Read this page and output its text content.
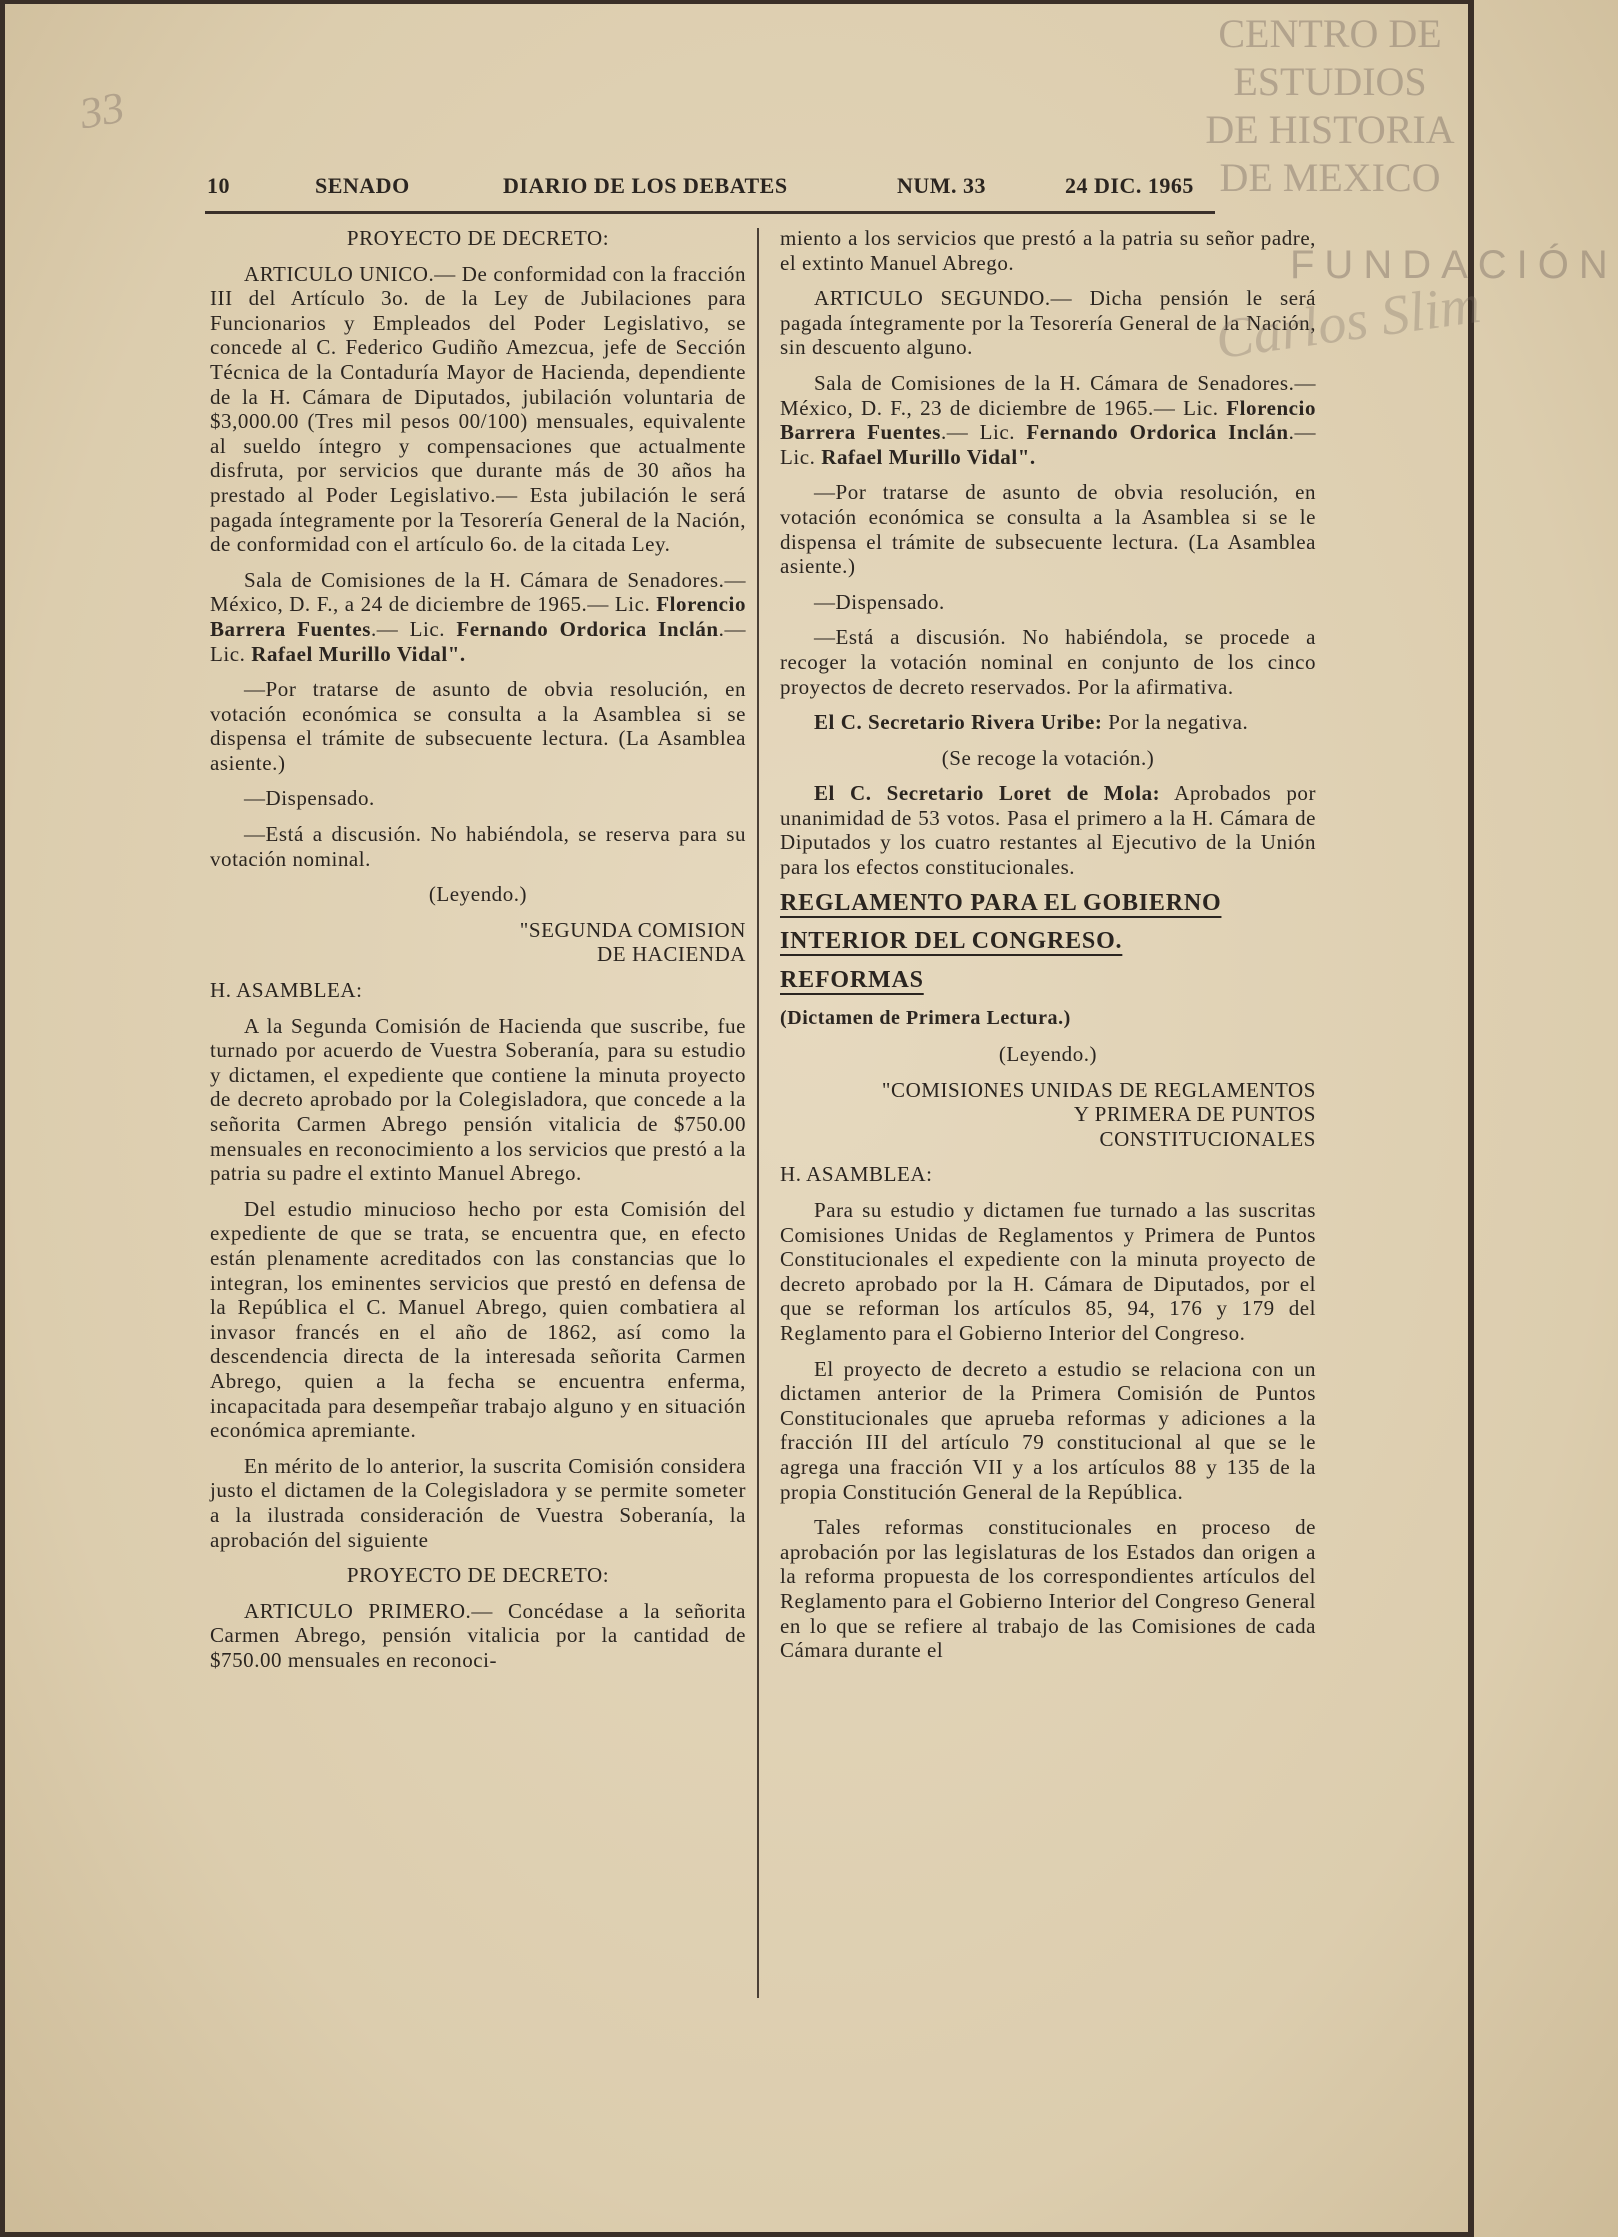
33
10	SENADO	DIARIO DE LOS DEBATES	NUM. 33	24 DIC. 1965
PROYECTO DE DECRETO:
ARTICULO UNICO.— De conformidad con la fracción III del Artículo 3o. de la Ley de Jubilaciones para Funcionarios y Empleados del Poder Legislativo, se concede al C. Federico Gudiño Amezcua, jefe de Sección Técnica de la Contaduría Mayor de Hacienda, dependiente de la H. Cámara de Diputados, jubilación voluntaria de $3,000.00 (Tres mil pesos 00/100) mensuales, equivalente al sueldo íntegro y compensaciones que actualmente disfruta, por servicios que durante más de 30 años ha prestado al Poder Legislativo.— Esta jubilación le será pagada íntegramente por la Tesorería General de la Nación, de conformidad con el artículo 6o. de la citada Ley.
Sala de Comisiones de la H. Cámara de Senadores.— México, D. F., a 24 de diciembre de 1965.— Lic. Florencio Barrera Fuentes.— Lic. Fernando Ordorica Inclán.— Lic. Rafael Murillo Vidal".
—Por tratarse de asunto de obvia resolución, en votación económica se consulta a la Asamblea si se dispensa el trámite de subsecuente lectura. (La Asamblea asiente.)
—Dispensado.
—Está a discusión. No habiéndola, se reserva para su votación nominal.
(Leyendo.)
"SEGUNDA COMISION
DE HACIENDA
H. ASAMBLEA:
A la Segunda Comisión de Hacienda que suscribe, fue turnado por acuerdo de Vuestra Soberanía, para su estudio y dictamen, el expediente que contiene la minuta proyecto de decreto aprobado por la Colegisladora, que concede a la señorita Carmen Abrego pensión vitalicia de $750.00 mensuales en reconocimiento a los servicios que prestó a la patria su padre el extinto Manuel Abrego.
Del estudio minucioso hecho por esta Comisión del expediente de que se trata, se encuentra que, en efecto están plenamente acreditados con las constancias que lo integran, los eminentes servicios que prestó en defensa de la República el C. Manuel Abrego, quien combatiera al invasor francés en el año de 1862, así como la descendencia directa de la interesada señorita Carmen Abrego, quien a la fecha se encuentra enferma, incapacitada para desempeñar trabajo alguno y en situación económica apremiante.
En mérito de lo anterior, la suscrita Comisión considera justo el dictamen de la Colegisladora y se permite someter a la ilustrada consideración de Vuestra Soberanía, la aprobación del siguiente
PROYECTO DE DECRETO:
ARTICULO PRIMERO.— Concédase a la señorita Carmen Abrego, pensión vitalicia por la cantidad de $750.00 mensuales en reconoci-
miento a los servicios que prestó a la patria su señor padre, el extinto Manuel Abrego.
ARTICULO SEGUNDO.— Dicha pensión le será pagada íntegramente por la Tesorería General de la Nación, sin descuento alguno.
Sala de Comisiones de la H. Cámara de Senadores.— México, D. F., 23 de diciembre de 1965.— Lic. Florencio Barrera Fuentes.— Lic. Fernando Ordorica Inclán.— Lic. Rafael Murillo Vidal".
—Por tratarse de asunto de obvia resolución, en votación económica se consulta a la Asamblea si se le dispensa el trámite de subsecuente lectura. (La Asamblea asiente.)
—Dispensado.
—Está a discusión. No habiéndola, se procede a recoger la votación nominal en conjunto de los cinco proyectos de decreto reservados. Por la afirmativa.
El C. Secretario Rivera Uribe: Por la negativa.
(Se recoge la votación.)
El C. Secretario Loret de Mola: Aprobados por unanimidad de 53 votos. Pasa el primero a la H. Cámara de Diputados y los cuatro restantes al Ejecutivo de la Unión para los efectos constitucionales.
REGLAMENTO PARA EL GOBIERNO
INTERIOR DEL CONGRESO.
REFORMAS
(Dictamen de Primera Lectura.)
(Leyendo.)
"COMISIONES UNIDAS DE REGLAMENTOS
Y PRIMERA DE PUNTOS
CONSTITUCIONALES
H. ASAMBLEA:
Para su estudio y dictamen fue turnado a las suscritas Comisiones Unidas de Reglamentos y Primera de Puntos Constitucionales el expediente con la minuta proyecto de decreto aprobado por la H. Cámara de Diputados, por el que se reforman los artículos 85, 94, 176 y 179 del Reglamento para el Gobierno Interior del Congreso.
El proyecto de decreto a estudio se relaciona con un dictamen anterior de la Primera Comisión de Puntos Constitucionales que aprueba reformas y adiciones a la fracción III del artículo 79 constitucional al que se le agrega una fracción VII y a los artículos 88 y 135 de la propia Constitución General de la República.
Tales reformas constitucionales en proceso de aprobación por las legislaturas de los Estados dan origen a la reforma propuesta de los correspondientes artículos del Reglamento para el Gobierno Interior del Congreso General en lo que se refiere al trabajo de las Comisiones de cada Cámara durante el
CENTRO DE
ESTUDIOS
DE HISTORIA
DE MEXICO
FUNDACIÓN
Carlos Slim
